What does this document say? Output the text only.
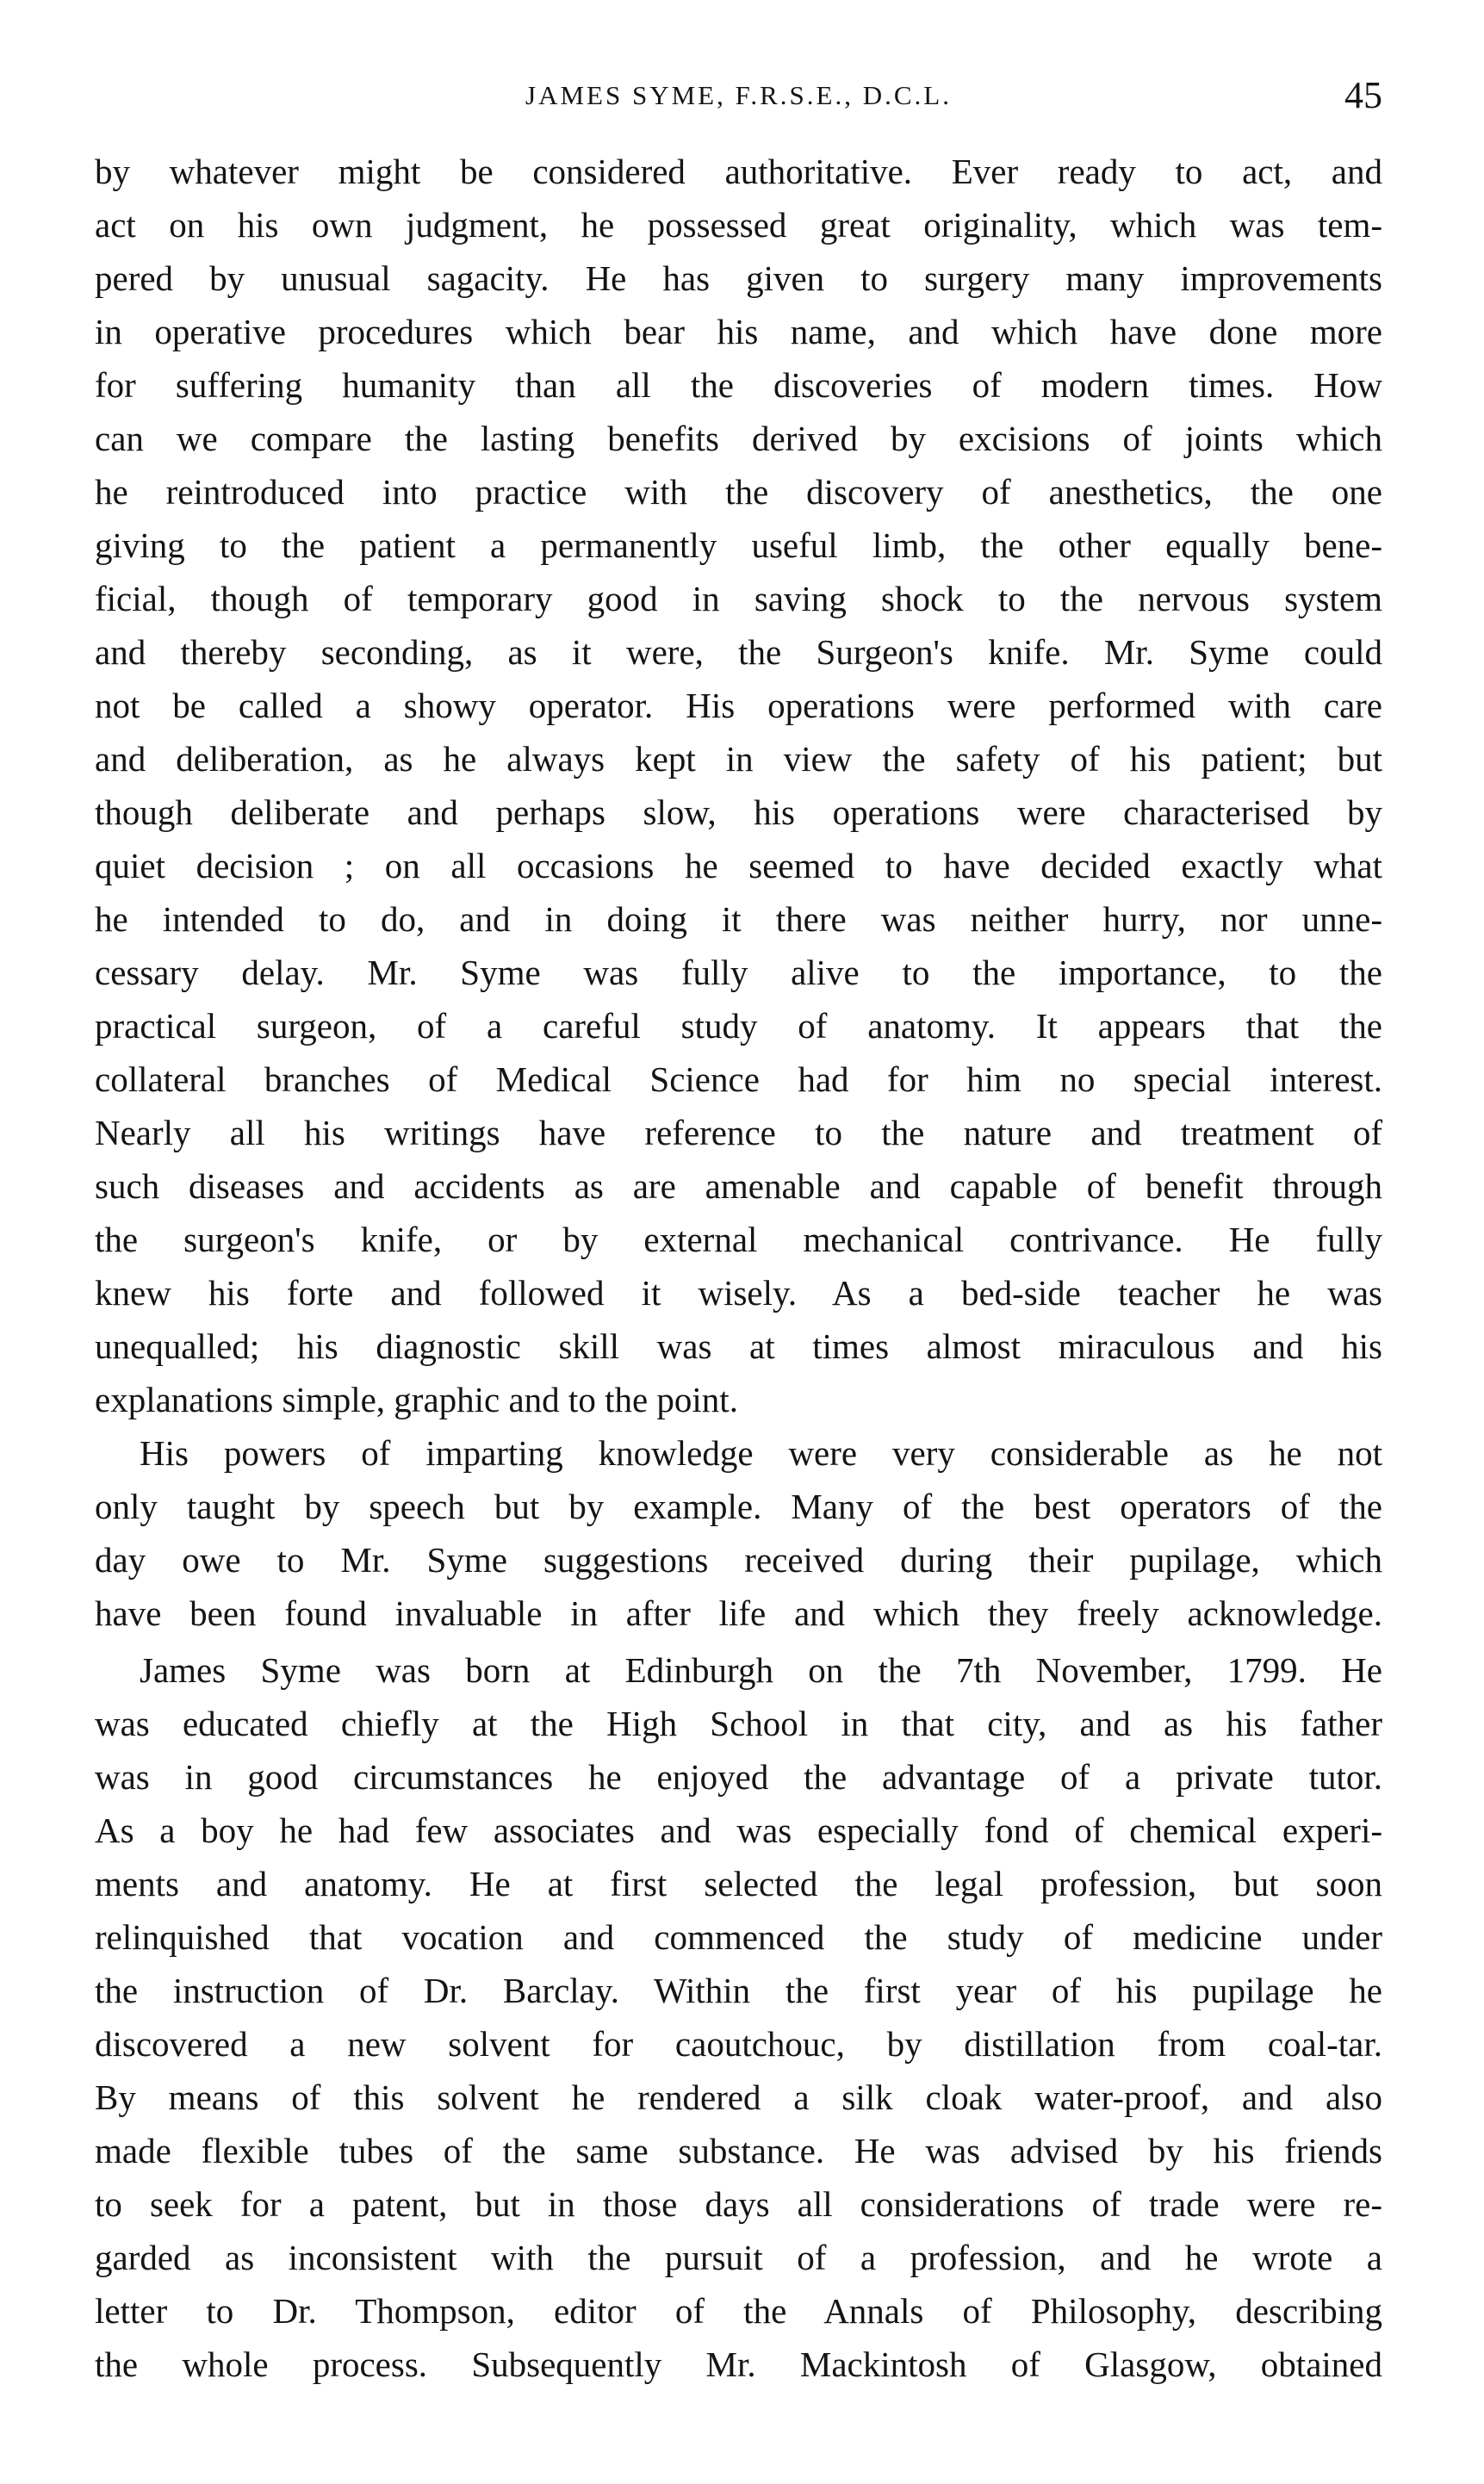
JAMES SYME, F.R.S.E., D.C.L.	45
by whatever might be considered authoritative. Ever ready to act, and
act on his own judgment, he possessed great originality, which was tem-
pered by unusual sagacity. He has given to surgery many improvements
in operative procedures which bear his name, and which have done more
for suffering humanity than all the discoveries of modern times. How
can we compare the lasting benefits derived by excisions of joints which
he reintroduced into practice with the discovery of anesthetics, the one
giving to the patient a permanently useful limb, the other equally bene-
ficial, though of temporary good in saving shock to the nervous system
and thereby seconding, as it were, the Surgeon's knife. Mr. Syme could
not be called a showy operator. His operations were performed with care
and deliberation, as he always kept in view the safety of his patient; but
though deliberate and perhaps slow, his operations were characterised by
quiet decision ; on all occasions he seemed to have decided exactly what
he intended to do, and in doing it there was neither hurry, nor unne-
cessary delay. Mr. Syme was fully alive to the importance, to the
practical surgeon, of a careful study of anatomy. It appears that the
collateral branches of Medical Science had for him no special interest.
Nearly all his writings have reference to the nature and treatment of
such diseases and accidents as are amenable and capable of benefit through
the surgeon's knife, or by external mechanical contrivance. He fully
knew his forte and followed it wisely. As a bed-side teacher he was
unequalled; his diagnostic skill was at times almost miraculous and his
explanations simple, graphic and to the point.
His powers of imparting knowledge were very considerable as he not
only taught by speech but by example. Many of the best operators of the
day owe to Mr. Syme suggestions received during their pupilage, which
have been found invaluable in after life and which they freely acknowledge.
James Syme was born at Edinburgh on the 7th November, 1799. He
was educated chiefly at the High School in that city, and as his father
was in good circumstances he enjoyed the advantage of a private tutor.
As a boy he had few associates and was especially fond of chemical experi-
ments and anatomy. He at first selected the legal profession, but soon
relinquished that vocation and commenced the study of medicine under
the instruction of Dr. Barclay. Within the first year of his pupilage he
discovered a new solvent for caoutchouc, by distillation from coal-tar.
By means of this solvent he rendered a silk cloak water-proof, and also
made flexible tubes of the same substance. He was advised by his friends
to seek for a patent, but in those days all considerations of trade were re-
garded as inconsistent with the pursuit of a profession, and he wrote a
letter to Dr. Thompson, editor of the Annals of Philosophy, describing
the whole process. Subsequently Mr. Mackintosh of Glasgow, obtained
